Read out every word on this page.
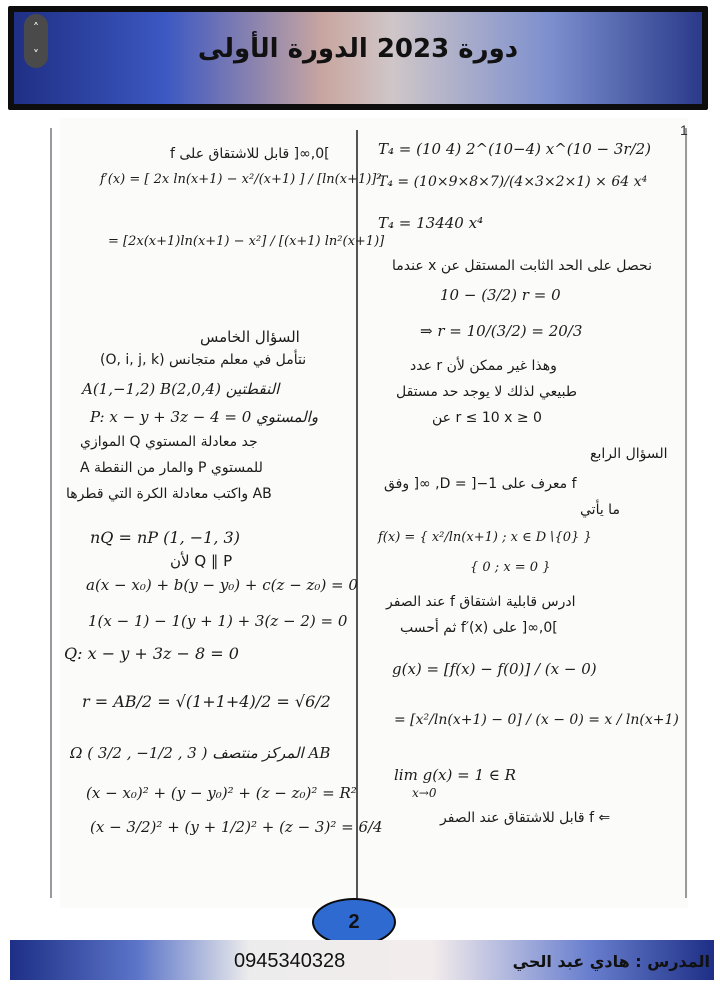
دورة 2023 الدورة الأولى
˄
˅
1
]0,∞[ قابل للاشتقاق على f
f′(x) = [ 2x ln(x+1) − x²/(x+1) ] / [ln(x+1)]²
= [2x(x+1)ln(x+1) − x²] / [(x+1) ln²(x+1)]
السؤال الخامس
نتأمل في معلم متجانس (O, i, j, k)
A(1,−1,2) B(2,0,4) النقطتين
P: x − y + 3z − 4 = 0 والمستوي
جد معادلة المستوي Q الموازي
للمستوي P والمار من النقطة A
AB واكتب معادلة الكرة التي قطرها
nQ = nP (1, −1, 3)
Q ∥ P لأن
a(x − x₀) + b(y − y₀) + c(z − z₀) = 0
1(x − 1) − 1(y + 1) + 3(z − 2) = 0
Q: x − y + 3z − 8 = 0
r = AB/2 = √(1+1+4)/2 = √6/2
Ω ( 3/2 , −1/2 , 3 ) المركز منتصف AB
(x − x₀)² + (y − y₀)² + (z − z₀)² = R²
(x − 3/2)² + (y + 1/2)² + (z − 3)² = 6/4
T₄ = (10 4) 2^(10−4) x^(10 − 3r/2)
T₄ = (10×9×8×7)/(4×3×2×1) × 64 x⁴
T₄ = 13440 x⁴
نحصل على الحد الثابت المستقل عن x عندما
10 − (3/2) r = 0
⇒ r = 10/(3/2) = 20/3
وهذا غير ممكن لأن r عدد
طبيعي لذلك لا يوجد حد مستقل
0 ≤ r ≤ 10 x عن
السؤال الرابع
f معرف على D = ]−1, ∞[ وفق
ما يأتي
f(x) = { x²/ln(x+1) ; x ∈ D∖{0} }
{ 0 ; x = 0 }
ادرس قابلية اشتقاق f عند الصفر
]0,∞[ على f′(x) ثم أحسب
g(x) = [f(x) − f(0)] / (x − 0)
= [x²/ln(x+1) − 0] / (x − 0) = x / ln(x+1)
lim g(x) = 1 ∈ R
x→0
⇐ f قابل للاشتقاق عند الصفر
2
0945340328	المدرس : هادي عبد الحي
